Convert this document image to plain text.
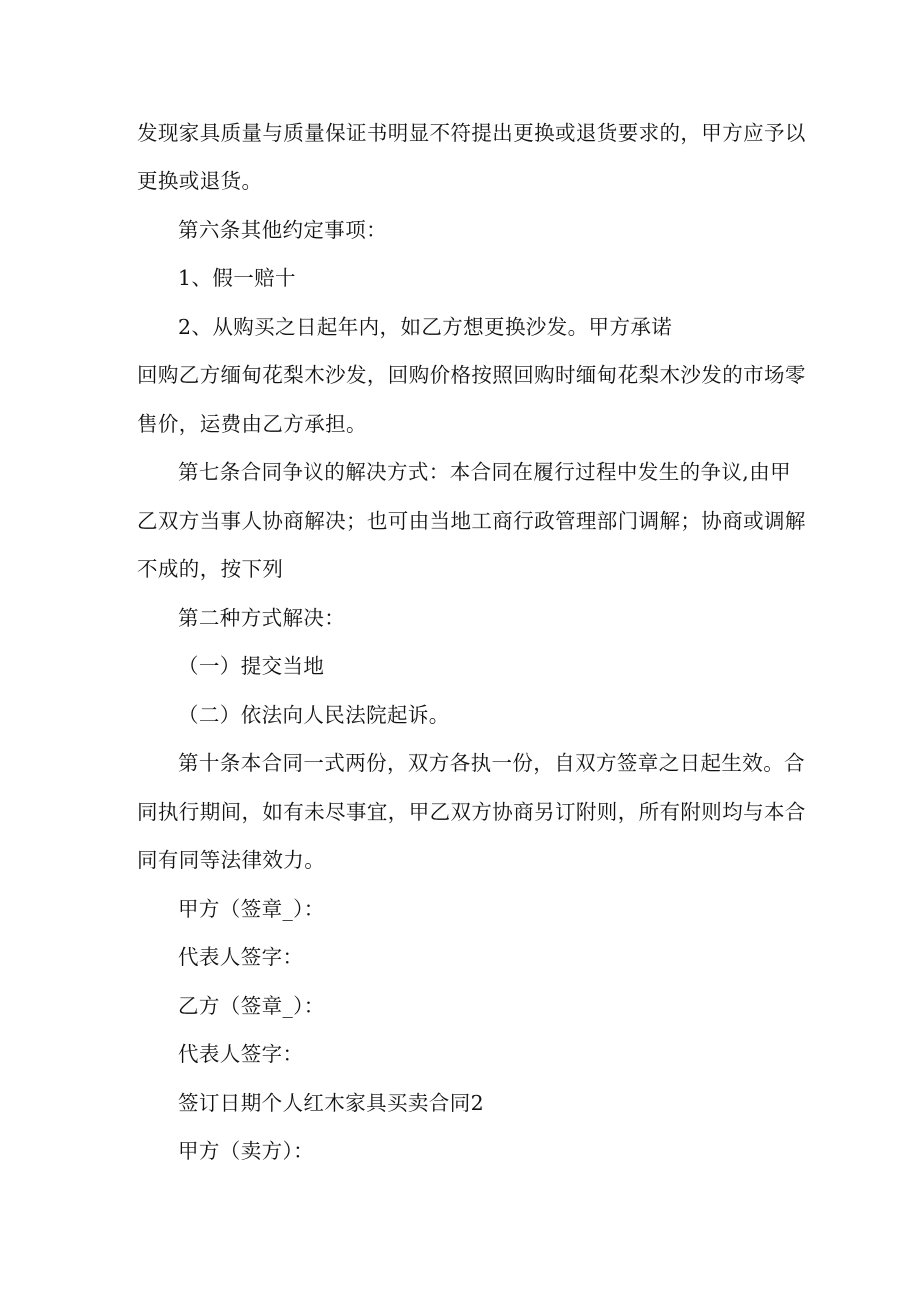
发现家具质量与质量保证书明显不符提出更换或退货要求的，甲方应予以
更换或退货。
第六条其他约定事项：
1、假一赔十
2、从购买之日起年内，如乙方想更换沙发。甲方承诺
回购乙方缅甸花梨木沙发，回购价格按照回购时缅甸花梨木沙发的市场零
售价，运费由乙方承担。
第七条合同争议的解决方式：本合同在履行过程中发生的争议,由甲
乙双方当事人协商解决；也可由当地工商行政管理部门调解；协商或调解
不成的，按下列
第二种方式解决：
（一）提交当地
（二）依法向人民法院起诉。
第十条本合同一式两份，双方各执一份，自双方签章之日起生效。合
同执行期间，如有未尽事宜，甲乙双方协商另订附则，所有附则均与本合
同有同等法律效力。
甲方（签章_）：
代表人签字：
乙方（签章_）：
代表人签字：
签订日期个人红木家具买卖合同2
甲方（卖方）：
